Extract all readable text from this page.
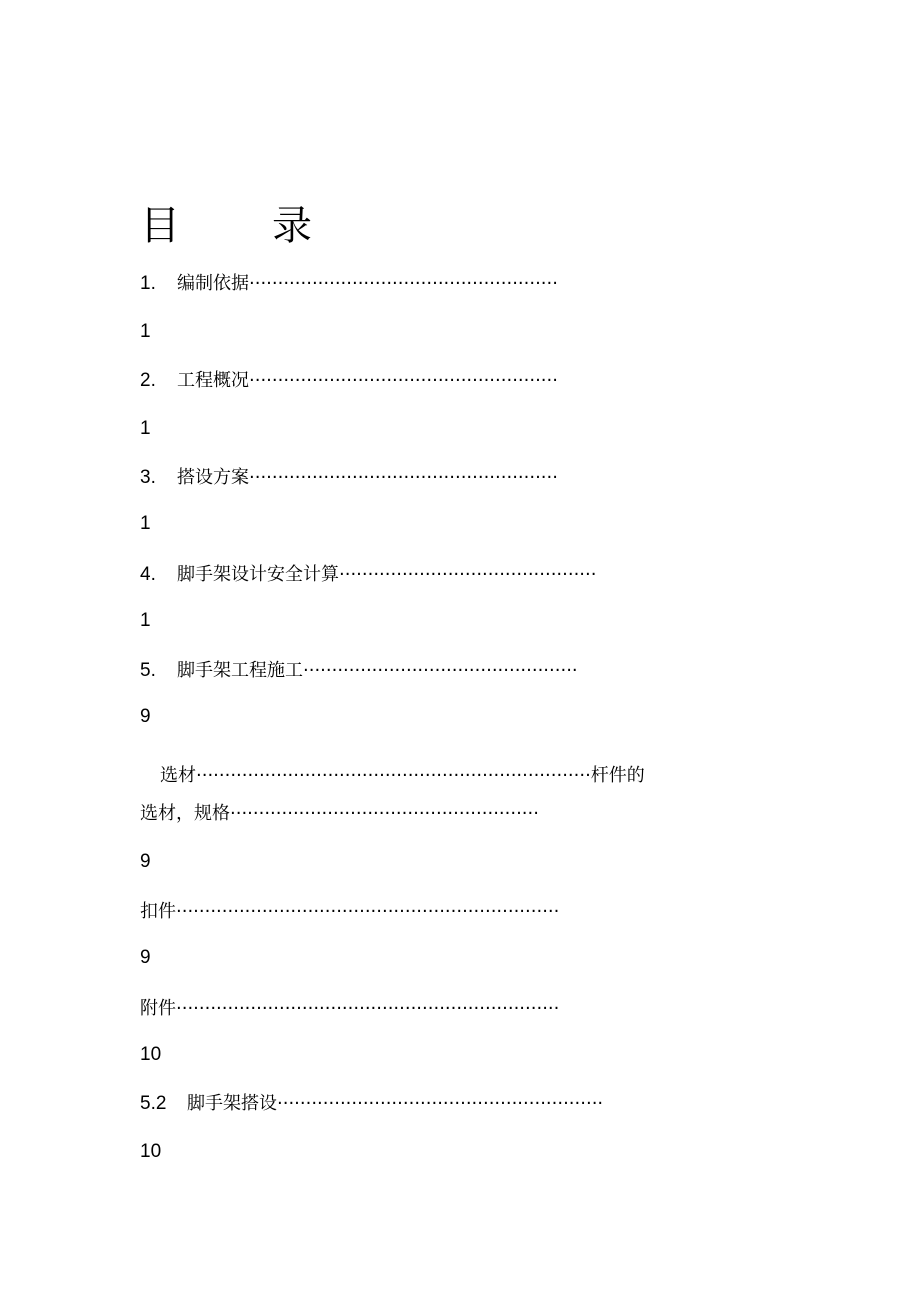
目 录
1. 编制依据······················································
1
2. 工程概况······················································
1
3. 搭设方案······················································
1
4. 脚手架设计安全计算·············································
1
5. 脚手架工程施工················································
9
选材·····································································杆件的
选材，规格······················································
9
扣件···································································
9
附件···································································
10
5.2 脚手架搭设·························································
10
